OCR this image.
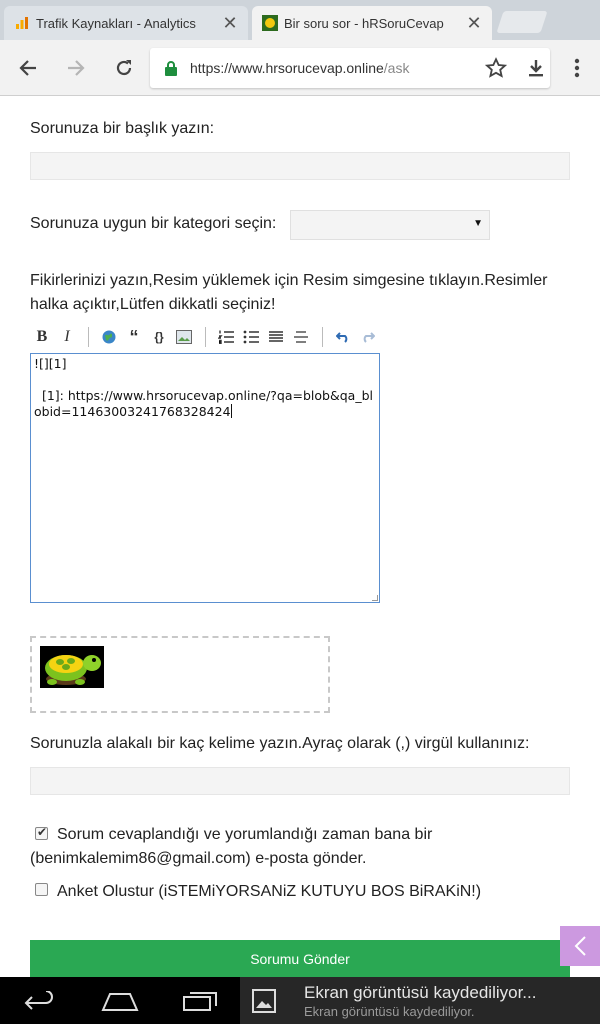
Trafik Kaynakları - Analytics	✕	Bir soru sor - hRSoruCevap	✕
https://www.hrsorucevap.online/ask
Sorunuza bir başlık yazın:
Sorunuza uygun bir kategori seçin:	▼
Fikirlerinizi yazın,Resim yüklemek için Resim simgesine tıklayın.Resimler
halka açıktır,Lütfen dikkatli seçiniz!
B	I	“	{}
![][1]

[1]: https://www.hrsorucevap.online/?qa=blob&qa_blobid=11463003241768328424
Sorunuzla alakalı bir kaç kelime yazın.Ayraç olarak (,) virgül kullanınız:
✔
Sorum cevaplandığı ve yorumlandığı zaman bana bir
(benimkalemim86@gmail.com) e-posta gönder.
Anket Olustur (iSTEMiYORSANiZ KUTUYU BOS BiRAKiN!)
Sorumu Gönder
Ekran görüntüsü kaydediliyor...
Ekran görüntüsü kaydediliyor.
